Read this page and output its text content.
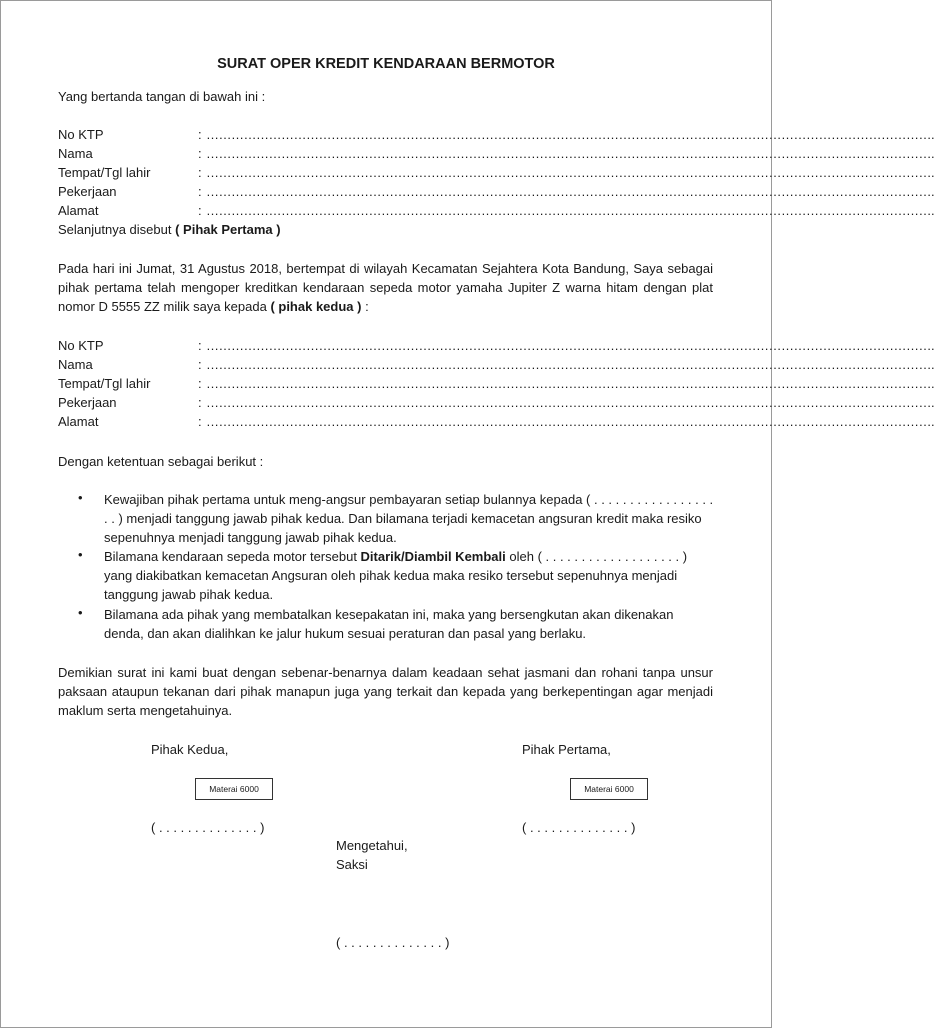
SURAT OPER KREDIT KENDARAAN BERMOTOR
Yang bertanda tangan di bawah ini :
No KTP	: ………………………………………………………………………………………………………………………………………………………….
Nama	: ………………………………………………………………………………………………………………………………………………………….
Tempat/Tgl lahir	: ………………………………………………………………………………………………………………………………………………………….
Pekerjaan	: ………………………………………………………………………………………………………………………………………………………….
Alamat	: ………………………………………………………………………………………………………………………………………………………….
Selanjutnya disebut ( Pihak Pertama )
Pada hari ini Jumat, 31 Agustus 2018, bertempat di wilayah Kecamatan Sejahtera Kota Bandung, Saya sebagai pihak pertama telah mengoper kreditkan kendaraan sepeda motor yamaha Jupiter Z warna hitam dengan plat nomor D 5555 ZZ milik saya kepada ( pihak kedua ) :
No KTP	: ………………………………………………………………………………………………………………………………………………………….
Nama	: ………………………………………………………………………………………………………………………………………………………….
Tempat/Tgl lahir	: ………………………………………………………………………………………………………………………………………………………….
Pekerjaan	: ………………………………………………………………………………………………………………………………………………………….
Alamat	: ………………………………………………………………………………………………………………………………………………………….
Dengan ketentuan sebagai berikut :
• Kewajiban pihak pertama untuk meng-angsur pembayaran setiap bulannya kepada ( . . . . . . . . . . . . . . . . . . . ) menjadi tanggung jawab pihak kedua. Dan bilamana terjadi kemacetan angsuran kredit maka resiko sepenuhnya menjadi tanggung jawab pihak kedua.
• Bilamana kendaraan sepeda motor tersebut Ditarik/Diambil Kembali oleh ( . . . . . . . . . . . . . . . . . . . ) yang diakibatkan kemacetan Angsuran oleh pihak kedua maka resiko tersebut sepenuhnya menjadi tanggung jawab pihak kedua.
• Bilamana ada pihak yang membatalkan kesepakatan ini, maka yang bersengkutan akan dikenakan denda, dan akan dialihkan ke jalur hukum sesuai peraturan dan pasal yang berlaku.
Demikian surat ini kami buat dengan sebenar-benarnya dalam keadaan sehat jasmani dan rohani tanpa unsur paksaan ataupun tekanan dari pihak manapun juga yang terkait dan kepada yang berkepentingan agar menjadi maklum serta mengetahuinya.
Pihak Kedua,	Pihak Pertama,
Materai 6000	Materai 6000
( . . . . . . . . . . . . . . )	( . . . . . . . . . . . . . . )
Mengetahui,
Saksi
( . . . . . . . . . . . . . . )
